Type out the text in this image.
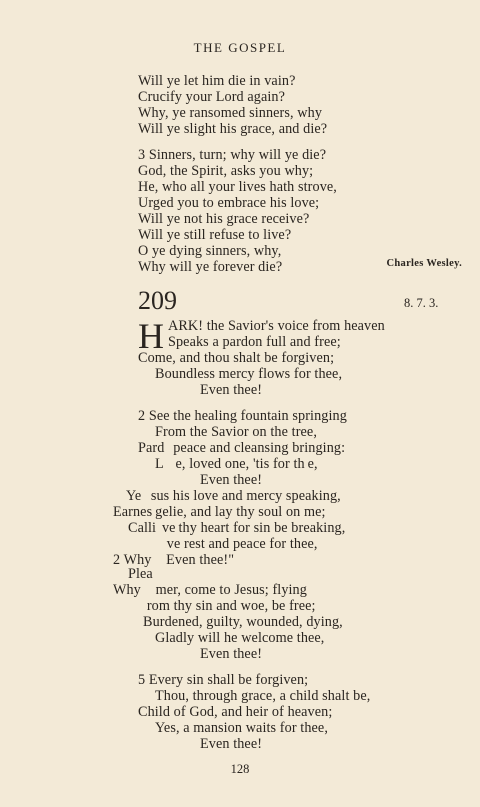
THE GOSPEL
Will ye let him die in vain?
Crucify your Lord again?
Why, ye ransomed sinners, why
Will ye slight his grace, and die?
3 Sinners, turn; why will ye die?
God, the Spirit, asks you why;
He, who all your lives hath strove,
Urged you to embrace his love;
Will ye not his grace receive?
Will ye still refuse to live?
O ye dying sinners, why,
Why will ye forever die?	Charles Wesley.
209	8. 7. 3.
H ARK! the Savior's voice from heaven
Speaks a pardon full and free;
Come, and thou shalt be forgiven;
Boundless mercy flows for thee,
Even thee!
2 See the healing fountain springing
From the Savior on the tree,
Pard   peace and cleansing bringing:
L    e, loved one, 'tis for th e,
Even thee!
Ye   sus his love and mercy speaking,
Earnes gelie, and lay thy soul on me;
Calli  ve thy heart for sin be breaking,
    ve rest and peace for thee,
2 Why     Even thee!"
Plea
Why     mer, come to Jesus; flying
   rom thy sin and woe, be free;
Burdened, guilty, wounded, dying,
Gladly will he welcome thee,
Even thee!
5 Every sin shall be forgiven;
Thou, through grace, a child shalt be,
Child of God, and heir of heaven;
Yes, a mansion waits for thee,
Even thee!
128
